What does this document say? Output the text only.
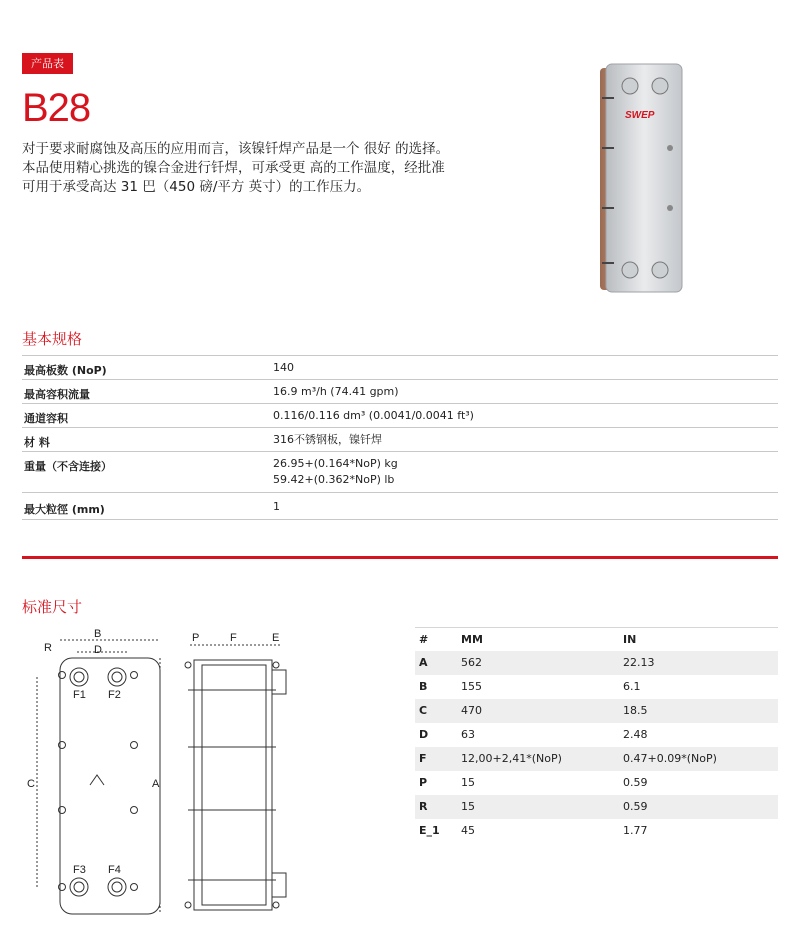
产品表
B28

对于要求耐腐蚀及高压的应用而言，该镍钎焊产品是一个 很好 的选择。

本品使用精心挑选的镍合金进行钎焊，可承受更 高的工作温度，经批准

可用于承受高达 31 巴（450 磅/平方 英寸）的工作压力。

SWEP
基本规格
最高板数 (NoP)	140
最高容积流量	16.9 m³/h (74.41 gpm)
通道容积	0.116/0.116 dm³ (0.0041/0.0041 ft³)
材 料	316不锈钢板，镍钎焊
重量（不含连接）	26.95+(0.164*NoP) kg
59.42+(0.362*NoP) lb
最大粒徑 (mm)	1
标准尺寸
B
R	D
C	A
F1 F2
F3 F4
P	F	E	#	MM	IN
A	562	22.13
B	155	6.1
C	470	18.5
D	63	2.48
F	12,00+2,41*(NoP)	0.47+0.09*(NoP)
P	15	0.59
R	15	0.59
E_1 45	1.77
